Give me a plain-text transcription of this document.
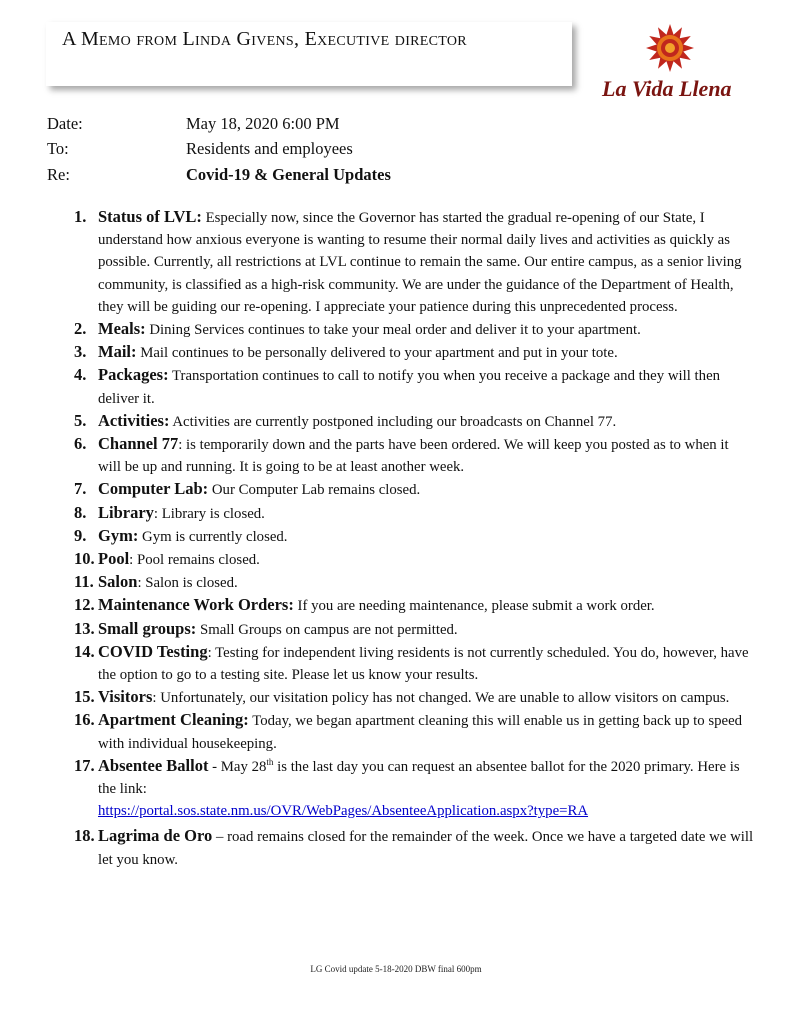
A Memo from Linda Givens, Executive director
La Vida Llena
Date:	May 18, 2020 6:00 PM
To:	Residents and employees
Re:	Covid-19 & General Updates
1. Status of LVL: Especially now, since the Governor has started the gradual re-opening of our State, I understand how anxious everyone is wanting to resume their normal daily lives and activities as quickly as possible. Currently, all restrictions at LVL continue to remain the same. Our entire campus, as a senior living community, is classified as a high-risk community. We are under the guidance of the Department of Health, they will be guiding our re-opening. I appreciate your patience during this unprecedented process.
2. Meals: Dining Services continues to take your meal order and deliver it to your apartment.
3. Mail: Mail continues to be personally delivered to your apartment and put in your tote.
4. Packages: Transportation continues to call to notify you when you receive a package and they will then deliver it.
5. Activities: Activities are currently postponed including our broadcasts on Channel 77.
6. Channel 77: is temporarily down and the parts have been ordered. We will keep you posted as to when it will be up and running. It is going to be at least another week.
7. Computer Lab: Our Computer Lab remains closed.
8. Library: Library is closed.
9. Gym: Gym is currently closed.
10. Pool: Pool remains closed.
11. Salon: Salon is closed.
12. Maintenance Work Orders: If you are needing maintenance, please submit a work order.
13. Small groups: Small Groups on campus are not permitted.
14. COVID Testing: Testing for independent living residents is not currently scheduled. You do, however, have the option to go to a testing site. Please let us know your results.
15. Visitors: Unfortunately, our visitation policy has not changed. We are unable to allow visitors on campus.
16. Apartment Cleaning: Today, we began apartment cleaning this will enable us in getting back up to speed with individual housekeeping.
17. Absentee Ballot - May 28th is the last day you can request an absentee ballot for the 2020 primary. Here is the link:
https://portal.sos.state.nm.us/OVR/WebPages/AbsenteeApplication.aspx?type=RA
18. Lagrima de Oro – road remains closed for the remainder of the week. Once we have a targeted date we will let you know.
LG Covid update 5-18-2020 DBW final 600pm
